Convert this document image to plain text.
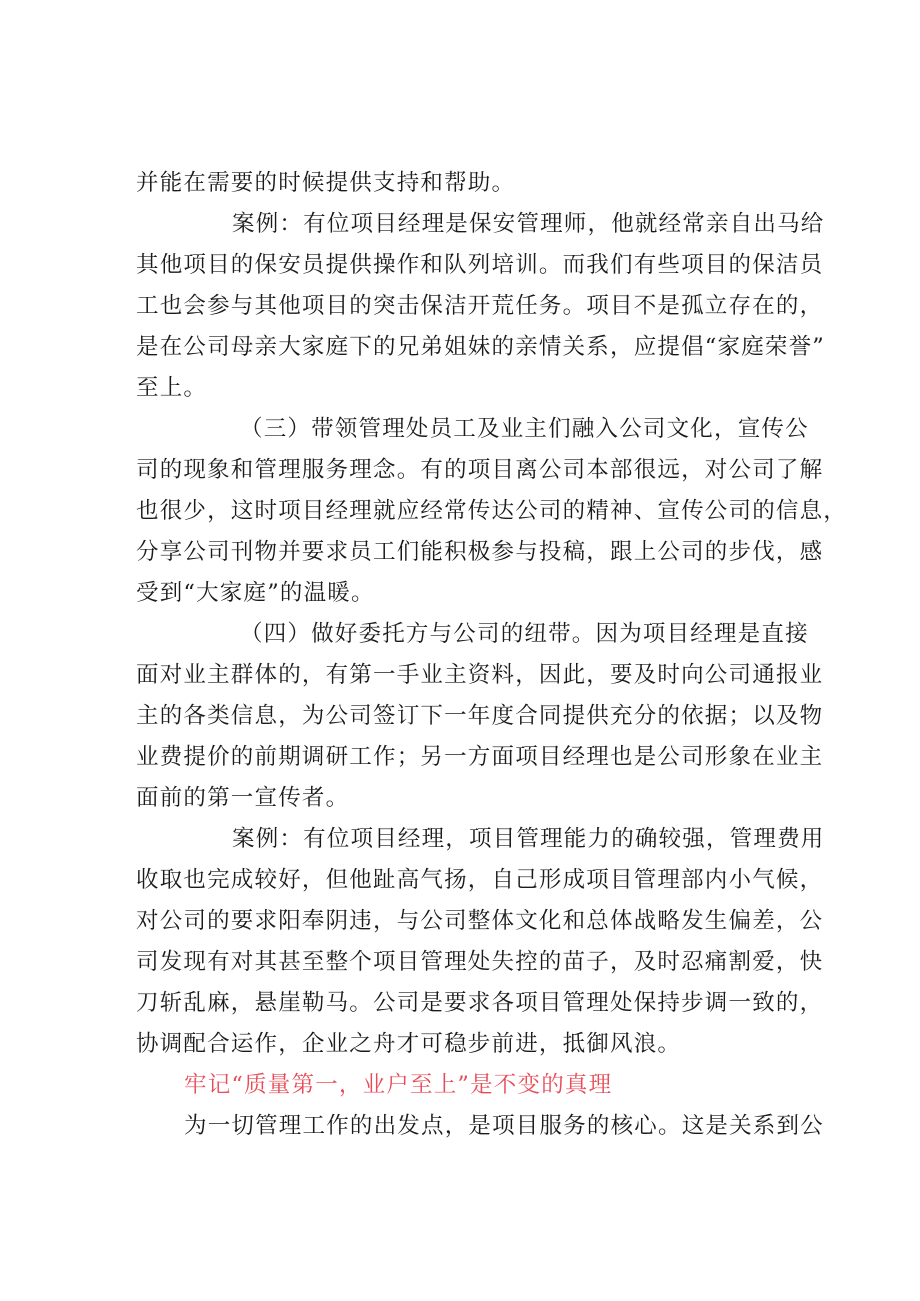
并能在需要的时候提供支持和帮助。
案例：有位项目经理是保安管理师，他就经常亲自出马给
其他项目的保安员提供操作和队列培训。而我们有些项目的保洁员
工也会参与其他项目的突击保洁开荒任务。项目不是孤立存在的，
是在公司母亲大家庭下的兄弟姐妹的亲情关系，应提倡“家庭荣誉”
至上。
（三）带领管理处员工及业主们融入公司文化，宣传公
司的现象和管理服务理念。有的项目离公司本部很远，对公司了解
也很少，这时项目经理就应经常传达公司的精神、宣传公司的信息，
分享公司刊物并要求员工们能积极参与投稿，跟上公司的步伐，感
受到“大家庭”的温暖。
（四）做好委托方与公司的纽带。因为项目经理是直接
面对业主群体的，有第一手业主资料，因此，要及时向公司通报业
主的各类信息，为公司签订下一年度合同提供充分的依据；以及物
业费提价的前期调研工作；另一方面项目经理也是公司形象在业主
面前的第一宣传者。
案例：有位项目经理，项目管理能力的确较强，管理费用
收取也完成较好，但他趾高气扬，自己形成项目管理部内小气候，
对公司的要求阳奉阴违，与公司整体文化和总体战略发生偏差，公
司发现有对其甚至整个项目管理处失控的苗子，及时忍痛割爱，快
刀斩乱麻，悬崖勒马。公司是要求各项目管理处保持步调一致的，
协调配合运作，企业之舟才可稳步前进，抵御风浪。
牢记“质量第一，业户至上”是不变的真理
为一切管理工作的出发点，是项目服务的核心。这是关系到公
